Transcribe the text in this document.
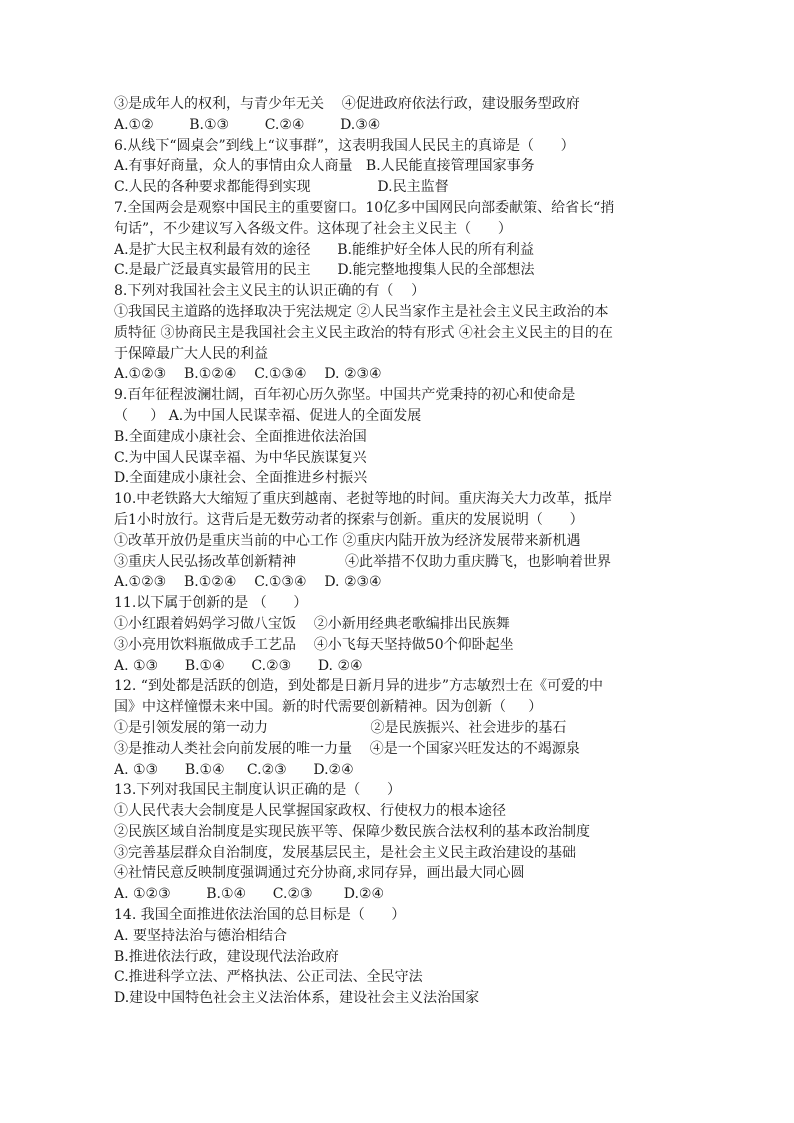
③是成年人的权利，与青少年无关    ④促进政府依法行政，建设服务型政府
A.①②        B.①③        C.②④        D.③④
6.从线下“圆桌会”到线上“议事群”，这表明我国人民民主的真谛是（      ）
A.有事好商量，众人的事情由众人商量   B.人民能直接管理国家事务
C.人民的各种要求都能得到实现               D.民主监督
7.全国两会是观察中国民主的重要窗口。10亿多中国网民向部委献策、给省长“捎
句话”，不少建议写入各级文件。这体现了社会主义民主（      ）
A.是扩大民主权利最有效的途径      B.能维护好全体人民的所有利益
C.是最广泛最真实最管用的民主      D.能完整地搜集人民的全部想法
8.下列对我国社会主义民主的认识正确的有（    ）
①我国民主道路的选择取决于宪法规定 ②人民当家作主是社会主义民主政治的本
质特征 ③协商民主是我国社会主义民主政治的特有形式 ④社会主义民主的目的在
于保障最广大人民的利益
A.①②③    B.①②④    C.①③④    D. ②③④
9.百年征程波澜壮阔，百年初心历久弥坚。中国共产党秉持的初心和使命是
（     ） A.为中国人民谋幸福、促进人的全面发展
B.全面建成小康社会、全面推进依法治国
C.为中国人民谋幸福、为中华民族谋复兴
D.全面建成小康社会、全面推进乡村振兴
10.中老铁路大大缩短了重庆到越南、老挝等地的时间。重庆海关大力改革，抵岸
后1小时放行。这背后是无数劳动者的探索与创新。重庆的发展说明（      ）
①改革开放仍是重庆当前的中心工作 ②重庆内陆开放为经济发展带来新机遇
③重庆人民弘扬改革创新精神           ④此举措不仅助力重庆腾飞，也影响着世界
A.①②③    B.①②④    C.①③④    D. ②③④
11.以下属于创新的是 （      ）
①小红跟着妈妈学习做八宝饭    ②小新用经典老歌编排出民族舞
③小亮用饮料瓶做成手工艺品    ④小飞每天坚持做50个仰卧起坐
A. ①③      B.①④      C.②③      D. ②④
12. “到处都是活跃的创造，到处都是日新月异的进步”方志敏烈士在《可爱的中
国》中这样憧憬未来中国。新的时代需要创新精神。因为创新（     ）
①是引领发展的第一动力                       ②是民族振兴、社会进步的基石
③是推动人类社会向前发展的唯一力量    ④是一个国家兴旺发达的不竭源泉
A. ①③      B.①④     C.②③      D.②④
13.下列对我国民主制度认识正确的是（      ）
①人民代表大会制度是人民掌握国家政权、行使权力的根本途径
②民族区域自治制度是实现民族平等、保障少数民族合法权利的基本政治制度
③完善基层群众自治制度，发展基层民主，是社会主义民主政治建设的基础
④社情民意反映制度强调通过充分协商,求同存异，画出最大同心圆
A. ①②③        B.①④      C.②③       D.②④
14. 我国全面推进依法治国的总目标是（      ）
A. 要坚持法治与德治相结合
B.推进依法行政，建设现代法治政府
C.推进科学立法、严格执法、公正司法、全民守法
D.建设中国特色社会主义法治体系，建设社会主义法治国家
